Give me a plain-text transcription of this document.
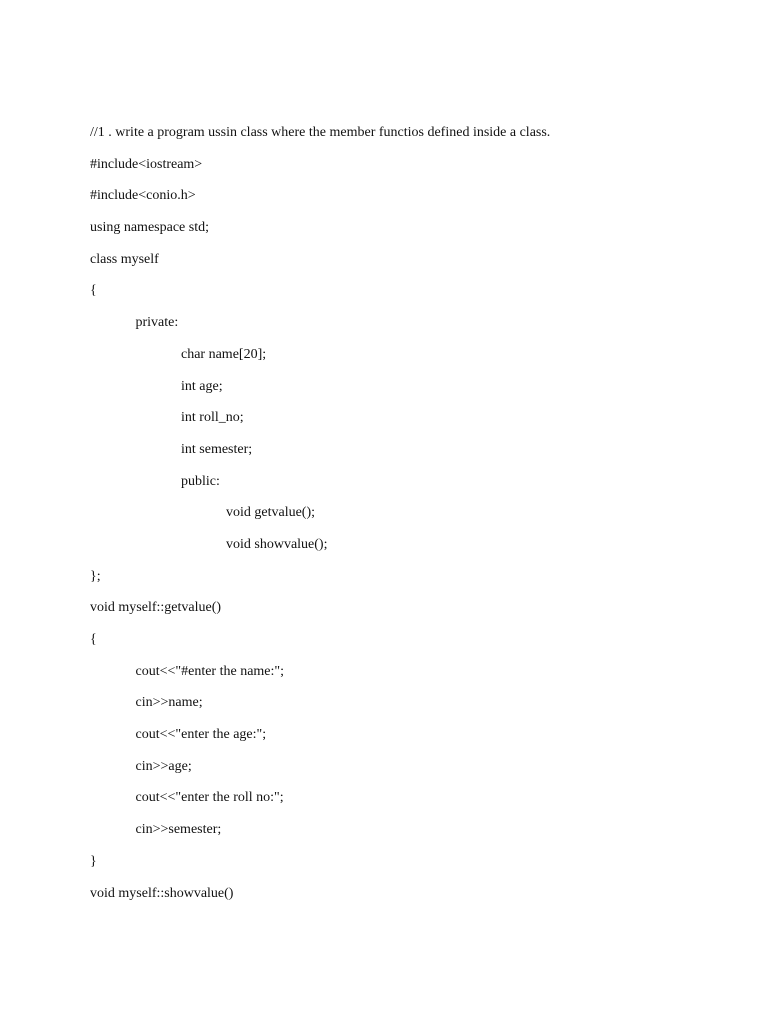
//1 . write a program ussin class where the member functios defined inside a class.
#include<iostream>
#include<conio.h>
using namespace std;
class myself
{
private:
char name[20];
int age;
int roll_no;
int semester;
public:
void getvalue();
void showvalue();
};
void myself::getvalue()
{
cout<<"#enter the name:";
cin>>name;
cout<<"enter the age:";
cin>>age;
cout<<"enter the roll no:";
cin>>semester;
}
void myself::showvalue()
